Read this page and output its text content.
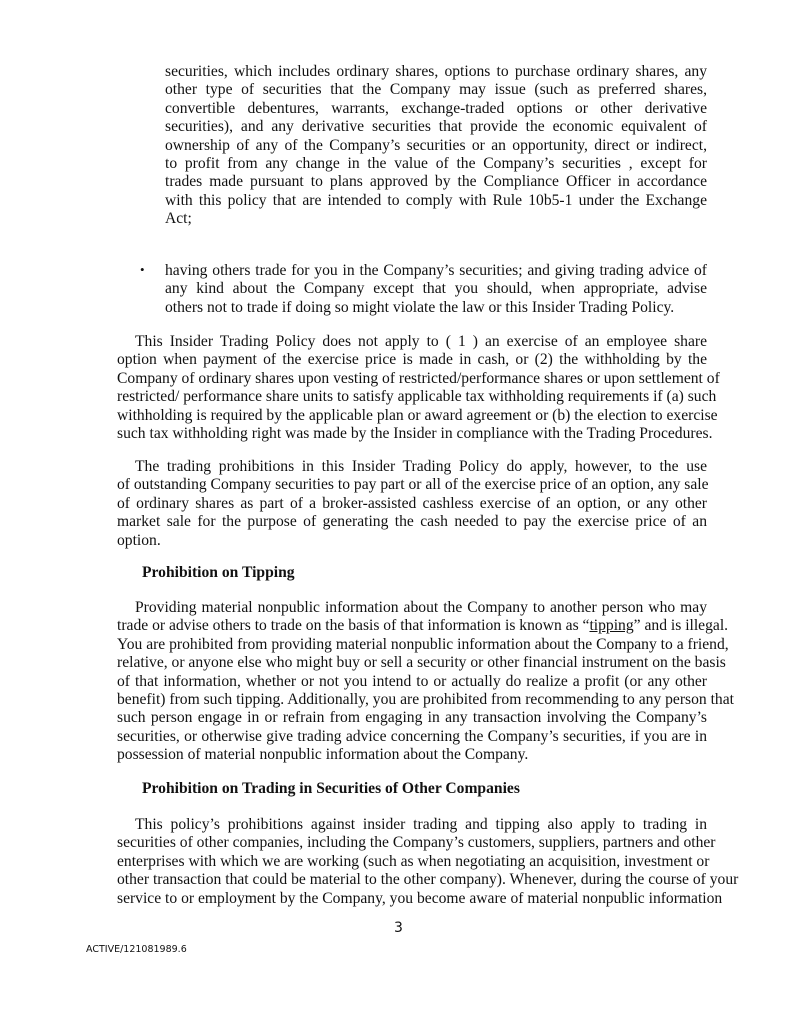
securities, which includes ordinary shares, options to purchase ordinary shares, any
other type of securities that the Company may issue (such as preferred shares,
convertible debentures, warrants, exchange-traded options or other derivative
securities), and any derivative securities that provide the economic equivalent of
ownership of any of the Company’s securities or an opportunity, direct or indirect,
to profit from any change in the value of the Company’s securities , except for
trades made pursuant to plans approved by the Compliance Officer in accordance
with this policy that are intended to comply with Rule 10b5-1 under the Exchange
Act;
• having others trade for you in the Company’s securities; and giving trading advice of
any kind about the Company except that you should, when appropriate, advise
others not to trade if doing so might violate the law or this Insider Trading Policy.
This Insider Trading Policy does not apply to ( 1 ) an exercise of an employee share
option when payment of the exercise price is made in cash, or (2) the withholding by the
Company of ordinary shares upon vesting of restricted/performance shares or upon settlement of
restricted/ performance share units to satisfy applicable tax withholding requirements if (a) such
withholding is required by the applicable plan or award agreement or (b) the election to exercise
such tax withholding right was made by the Insider in compliance with the Trading Procedures.
The trading prohibitions in this Insider Trading Policy do apply, however, to the use
of outstanding Company securities to pay part or all of the exercise price of an option, any sale
of ordinary shares as part of a broker-assisted cashless exercise of an option, or any other
market sale for the purpose of generating the cash needed to pay the exercise price of an
option.
Prohibition on Tipping
Providing material nonpublic information about the Company to another person who may
trade or advise others to trade on the basis of that information is known as “tipping” and is illegal.
You are prohibited from providing material nonpublic information about the Company to a friend,
relative, or anyone else who might buy or sell a security or other financial instrument on the basis
of that information, whether or not you intend to or actually do realize a profit (or any other
benefit) from such tipping. Additionally, you are prohibited from recommending to any person that
such person engage in or refrain from engaging in any transaction involving the Company’s
securities, or otherwise give trading advice concerning the Company’s securities, if you are in
possession of material nonpublic information about the Company.
Prohibition on Trading in Securities of Other Companies
This policy’s prohibitions against insider trading and tipping also apply to trading in
securities of other companies, including the Company’s customers, suppliers, partners and other
enterprises with which we are working (such as when negotiating an acquisition, investment or
other transaction that could be material to the other company). Whenever, during the course of your
service to or employment by the Company, you become aware of material nonpublic information
3
ACTIVE/121081989.6
